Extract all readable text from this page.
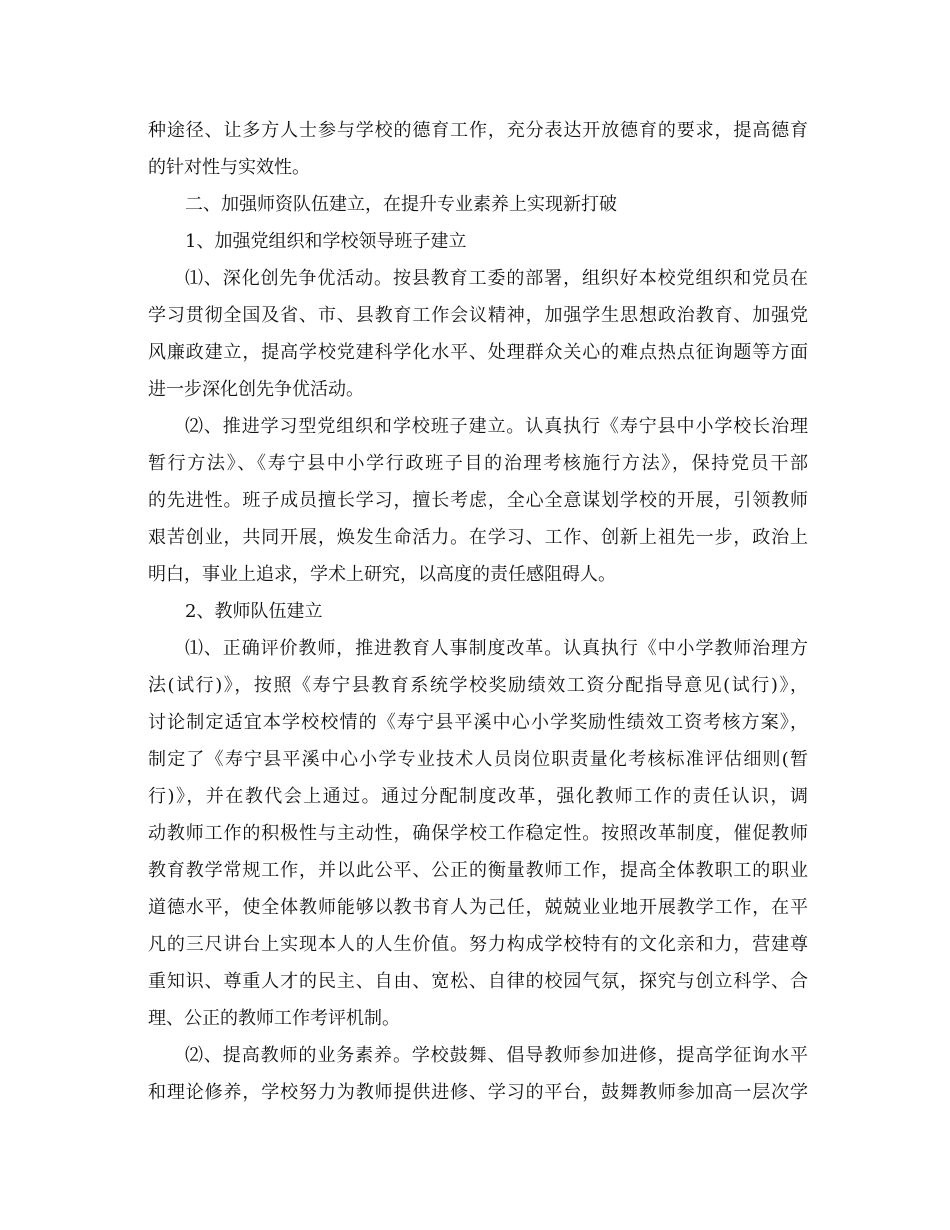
种途径、让多方人士参与学校的德育工作，充分表达开放德育的要求，提高德育
的针对性与实效性。
二、加强师资队伍建立，在提升专业素养上实现新打破
1、加强党组织和学校领导班子建立
⑴、深化创先争优活动。按县教育工委的部署，组织好本校党组织和党员在
学习贯彻全国及省、市、县教育工作会议精神，加强学生思想政治教育、加强党
风廉政建立，提高学校党建科学化水平、处理群众关心的难点热点征询题等方面
进一步深化创先争优活动。
⑵、推进学习型党组织和学校班子建立。认真执行《寿宁县中小学校长治理
暂行方法》、《寿宁县中小学行政班子目的治理考核施行方法》，保持党员干部
的先进性。班子成员擅长学习，擅长考虑，全心全意谋划学校的开展，引领教师
艰苦创业，共同开展，焕发生命活力。在学习、工作、创新上祖先一步，政治上
明白，事业上追求，学术上研究，以高度的责任感阻碍人。
2、教师队伍建立
⑴、正确评价教师，推进教育人事制度改革。认真执行《中小学教师治理方
法(试行)》，按照《寿宁县教育系统学校奖励绩效工资分配指导意见(试行)》，
讨论制定适宜本学校校情的《寿宁县平溪中心小学奖励性绩效工资考核方案》，
制定了《寿宁县平溪中心小学专业技术人员岗位职责量化考核标准评估细则(暂
行)》，并在教代会上通过。通过分配制度改革，强化教师工作的责任认识，调
动教师工作的积极性与主动性，确保学校工作稳定性。按照改革制度，催促教师
教育教学常规工作，并以此公平、公正的衡量教师工作，提高全体教职工的职业
道德水平，使全体教师能够以教书育人为己任，兢兢业业地开展教学工作，在平
凡的三尺讲台上实现本人的人生价值。努力构成学校特有的文化亲和力，营建尊
重知识、尊重人才的民主、自由、宽松、自律的校园气氛，探究与创立科学、合
理、公正的教师工作考评机制。
⑵、提高教师的业务素养。学校鼓舞、倡导教师参加进修，提高学征询水平
和理论修养，学校努力为教师提供进修、学习的平台，鼓舞教师参加高一层次学
